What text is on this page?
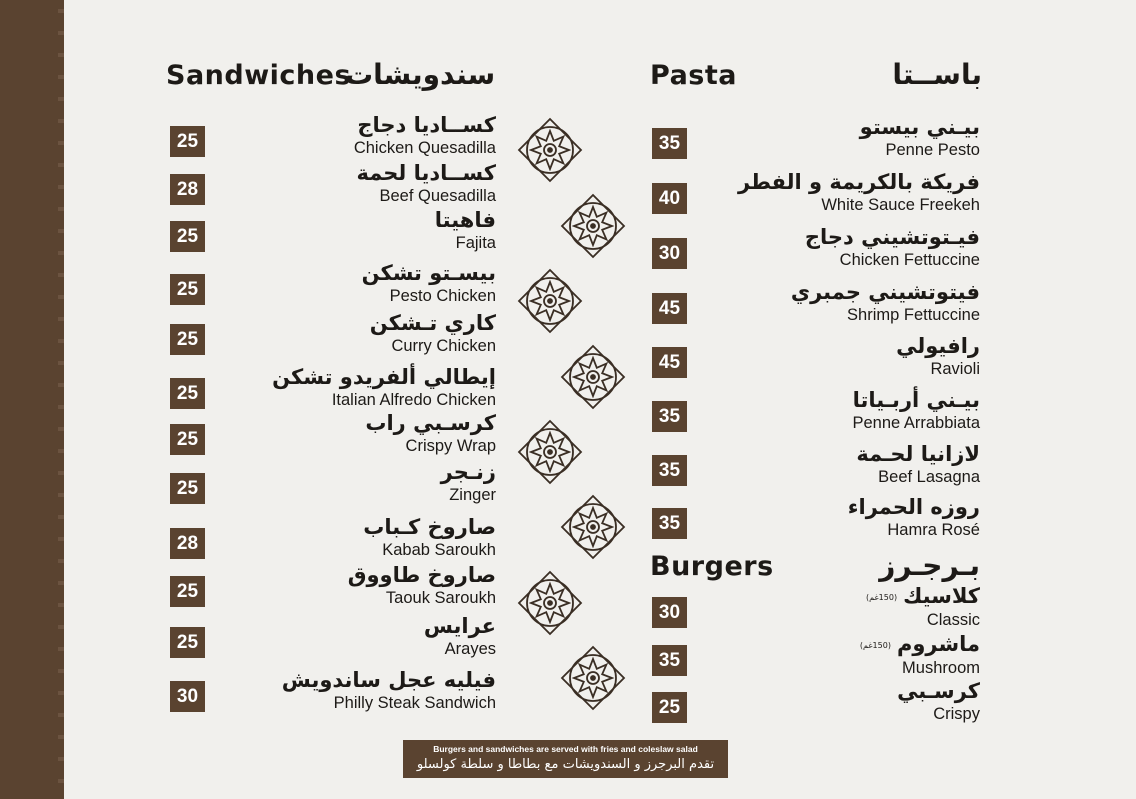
Sandwiches
سندويشات	Pasta	باســتا
Burgers	بـرجـرز
25
كســاديا دجاج
Chicken Quesadilla
28
كســاديا لحمة
Beef Quesadilla
25
فاهيتا
Fajita
25
بيسـتو تشكن
Pesto Chicken
25
كاري تـشكن
Curry Chicken
25
إيطالي ألفريدو تشكن
Italian Alfredo Chicken
25
كرسـبي راب
Crispy Wrap
25
زنـجر
Zinger
28
صاروخ كـباب
Kabab Saroukh
25
صاروخ طاووق
Taouk Saroukh
25
عرايس
Arayes
30
فيليه عجل ساندويش
Philly Steak Sandwich
35
بيـني بيستو
Penne Pesto
40
فريكة بالكريمة و الفطر
White Sauce Freekeh
30
فيـتوتشيني دجاج
Chicken Fettuccine
45
فيتوتشيني جمبري
Shrimp Fettuccine
45
رافيولي
Ravioli
35
بيـني أربـياتا
Penne Arrabbiata
35
لازانيا لحـمة
Beef Lasagna
35
روزه الحمراء
Hamra Rosé
30
كلاسيك(150غم)
Classic
35
ماشروم(150غم)
Mushroom
25
كرسـبي
Crispy
Burgers and sandwiches are served with fries and coleslaw salad
تقدم البرجرز و السندويشات مع بطاطا و سلطة كولسلو
